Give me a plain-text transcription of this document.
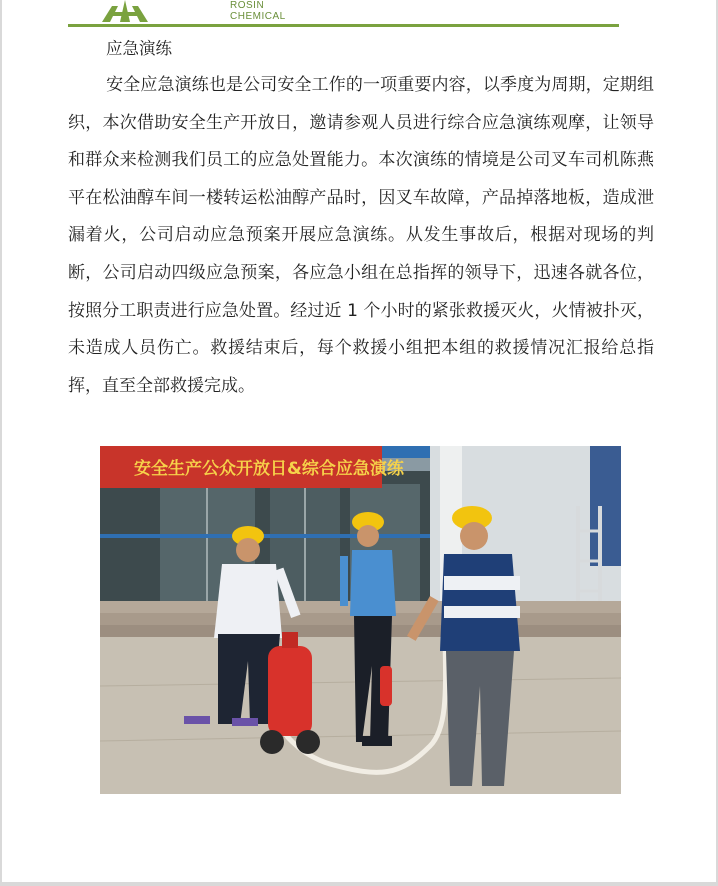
ROSIN
CHEMICAL
应急演练
安全应急演练也是公司安全工作的一项重要内容，以季度为周期，定期组织，本次借助安全生产开放日，邀请参观人员进行综合应急演练观摩，让领导和群众来检测我们员工的应急处置能力。本次演练的情境是公司叉车司机陈燕平在松油醇车间一楼转运松油醇产品时，因叉车故障，产品掉落地板，造成泄漏着火，公司启动应急预案开展应急演练。从发生事故后，根据对现场的判断，公司启动四级应急预案，各应急小组在总指挥的领导下，迅速各就各位，按照分工职责进行应急处置。经过近 1 个小时的紧张救援灭火，火情被扑灭，未造成人员伤亡。救援结束后，每个救援小组把本组的救援情况汇报给总指挥，直至全部救援完成。
安全生产公众开放日&综合应急演练
